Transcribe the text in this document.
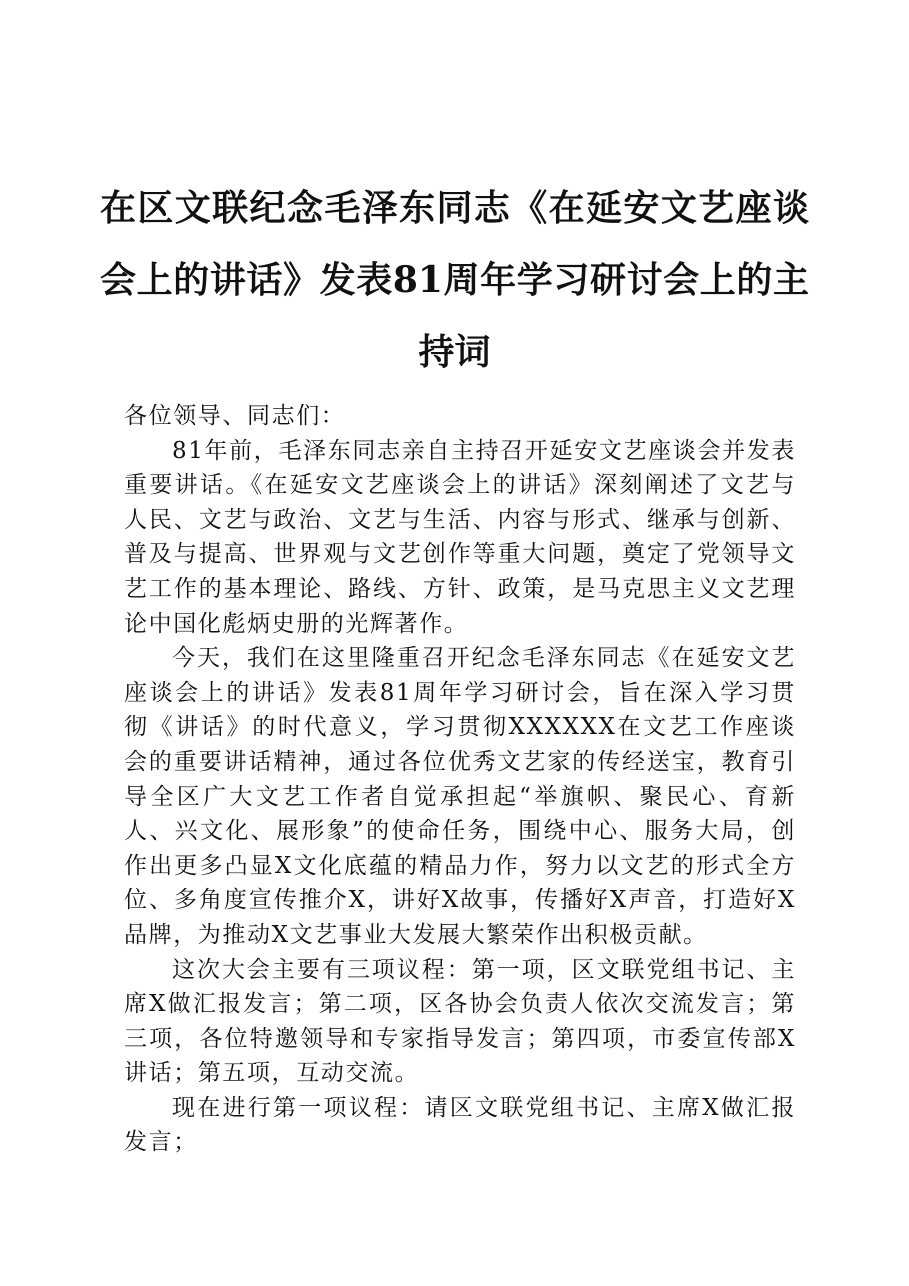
在区文联纪念毛泽东同志《在延安文艺座谈会上的讲话》发表81周年学习研讨会上的主持词

各位领导、同志们：

81年前，毛泽东同志亲自主持召开延安文艺座谈会并发表重要讲话。《在延安文艺座谈会上的讲话》深刻阐述了文艺与人民、文艺与政治、文艺与生活、内容与形式、继承与创新、普及与提高、世界观与文艺创作等重大问题，奠定了党领导文艺工作的基本理论、路线、方针、政策，是马克思主义文艺理论中国化彪炳史册的光辉著作。

今天，我们在这里隆重召开纪念毛泽东同志《在延安文艺座谈会上的讲话》发表81周年学习研讨会，旨在深入学习贯彻《讲话》的时代意义，学习贯彻XXXXXX在文艺工作座谈会的重要讲话精神，通过各位优秀文艺家的传经送宝，教育引导全区广大文艺工作者自觉承担起“举旗帜、聚民心、育新人、兴文化、展形象”的使命任务，围绕中心、服务大局，创作出更多凸显X文化底蕴的精品力作，努力以文艺的形式全方位、多角度宣传推介X，讲好X故事，传播好X声音，打造好X品牌，为推动X文艺事业大发展大繁荣作出积极贡献。

这次大会主要有三项议程：第一项，区文联党组书记、主席X做汇报发言；第二项，区各协会负责人依次交流发言；第三项，各位特邀领导和专家指导发言；第四项，市委宣传部X讲话；第五项，互动交流。

现在进行第一项议程：请区文联党组书记、主席X做汇报发言；
